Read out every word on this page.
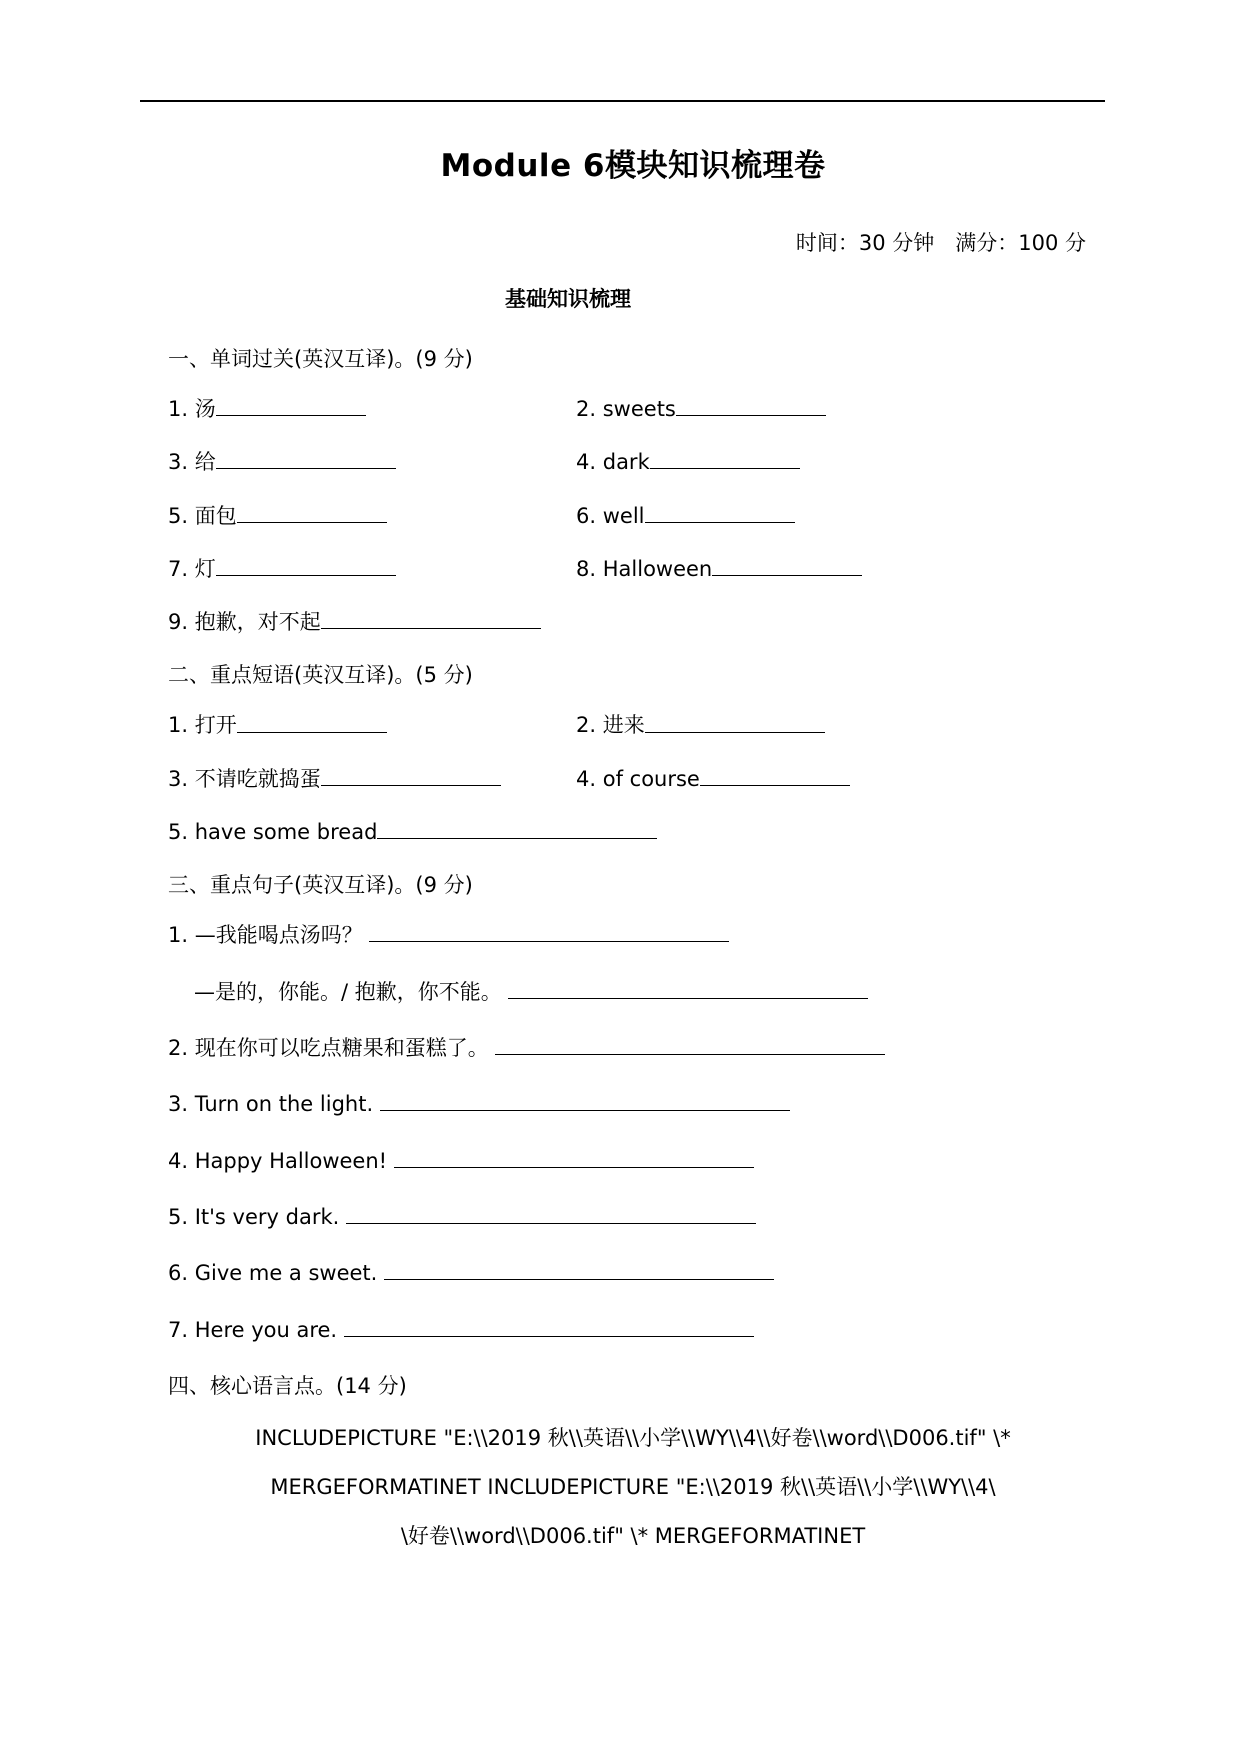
Module 6模块知识梳理卷
时间：30 分钟　满分：100 分
基础知识梳理
一、单词过关(英汉互译)。(9 分)
1. 汤	2. sweets
3. 给	4. dark
5. 面包	6. well
7. 灯	8. Halloween
9. 抱歉，对不起
二、重点短语(英汉互译)。(5 分)
1. 打开	2. 进来
3. 不请吃就捣蛋	4. of course
5. have some bread
三、重点句子(英汉互译)。(9 分)
1. —我能喝点汤吗？
—是的，你能。/ 抱歉，你不能。
2. 现在你可以吃点糖果和蛋糕了。
3. Turn on the light.
4. Happy Halloween!
5. It's very dark.
6. Give me a sweet.
7. Here you are.
四、核心语言点。(14 分)
INCLUDEPICTURE "E:\\2019 秋\\英语\\小学\\WY\\4\\好卷\\word\\D006.tif" \*
MERGEFORMATINET INCLUDEPICTURE "E:\\2019 秋\\英语\\小学\\WY\\4\
\好卷\\word\\D006.tif" \* MERGEFORMATINET
